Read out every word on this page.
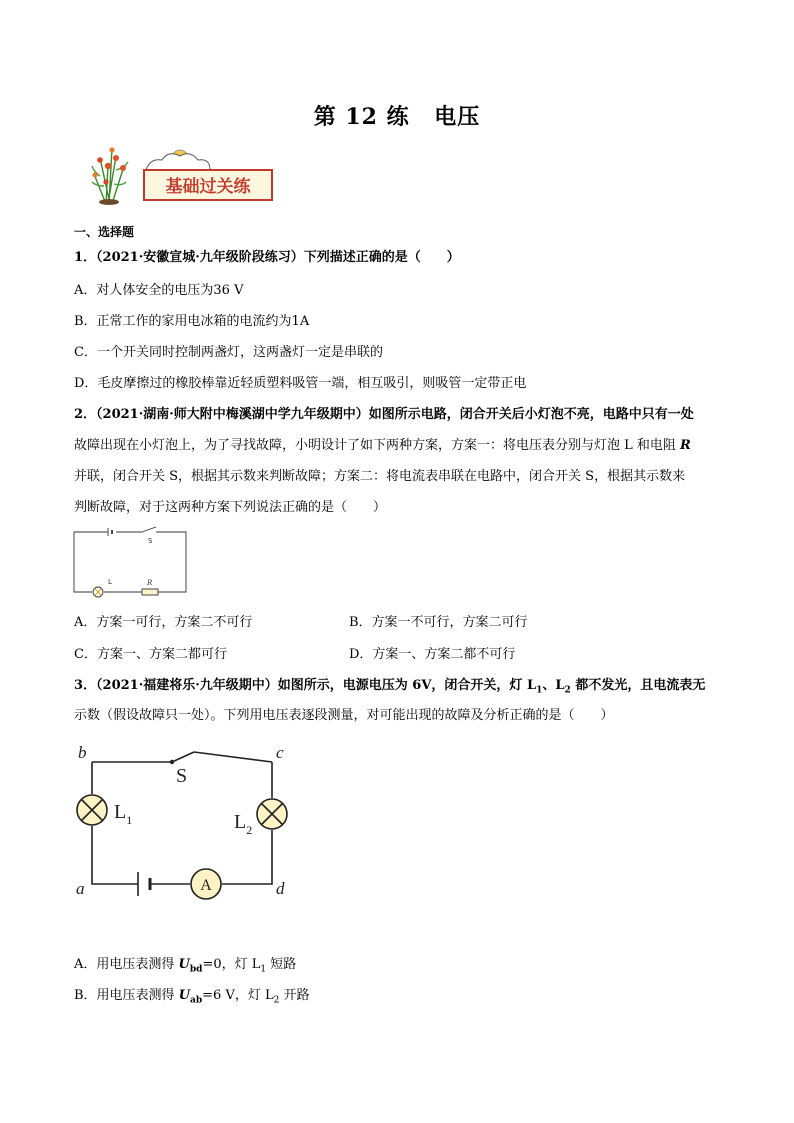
第 12 练 电压
基础过关练
一、选择题
1．（2021·安徽宣城·九年级阶段练习）下列描述正确的是（　　）
A．对人体安全的电压为36 V
B．正常工作的家用电冰箱的电流约为1A
C．一个开关同时控制两盏灯，这两盏灯一定是串联的
D．毛皮摩擦过的橡胶棒靠近轻质塑料吸管一端，相互吸引，则吸管一定带正电
2．（2021·湖南·师大附中梅溪湖中学九年级期中）如图所示电路，闭合开关后小灯泡不亮，电路中只有一处
故障出现在小灯泡上，为了寻找故障，小明设计了如下两种方案，方案一：将电压表分别与灯泡 L 和电阻 R
并联，闭合开关 S，根据其示数来判断故障；方案二：将电流表串联在电路中，闭合开关 S，根据其示数来
判断故障，对于这两种方案下列说法正确的是（　　）
S
L	R
A．方案一可行，方案二不可行	B．方案一不可行，方案二可行
C．方案一、方案二都可行	D．方案一、方案二都不可行
3．（2021·福建将乐·九年级期中）如图所示，电源电压为 6V，闭合开关，灯 $L_1$、$L_2$ 都不发光，且电流表无
示数（假设故障只一处）。下列用电压表逐段测量，对可能出现的故障及分析正确的是（　　）
A
b	c
a	d
S
$L_1$	$L_2$
A．用电压表测得 $U_{bd}=0$，灯 $L_1$ 短路
B．用电压表测得 $U_{ab}=6$ V，灯 $L_2$ 开路
